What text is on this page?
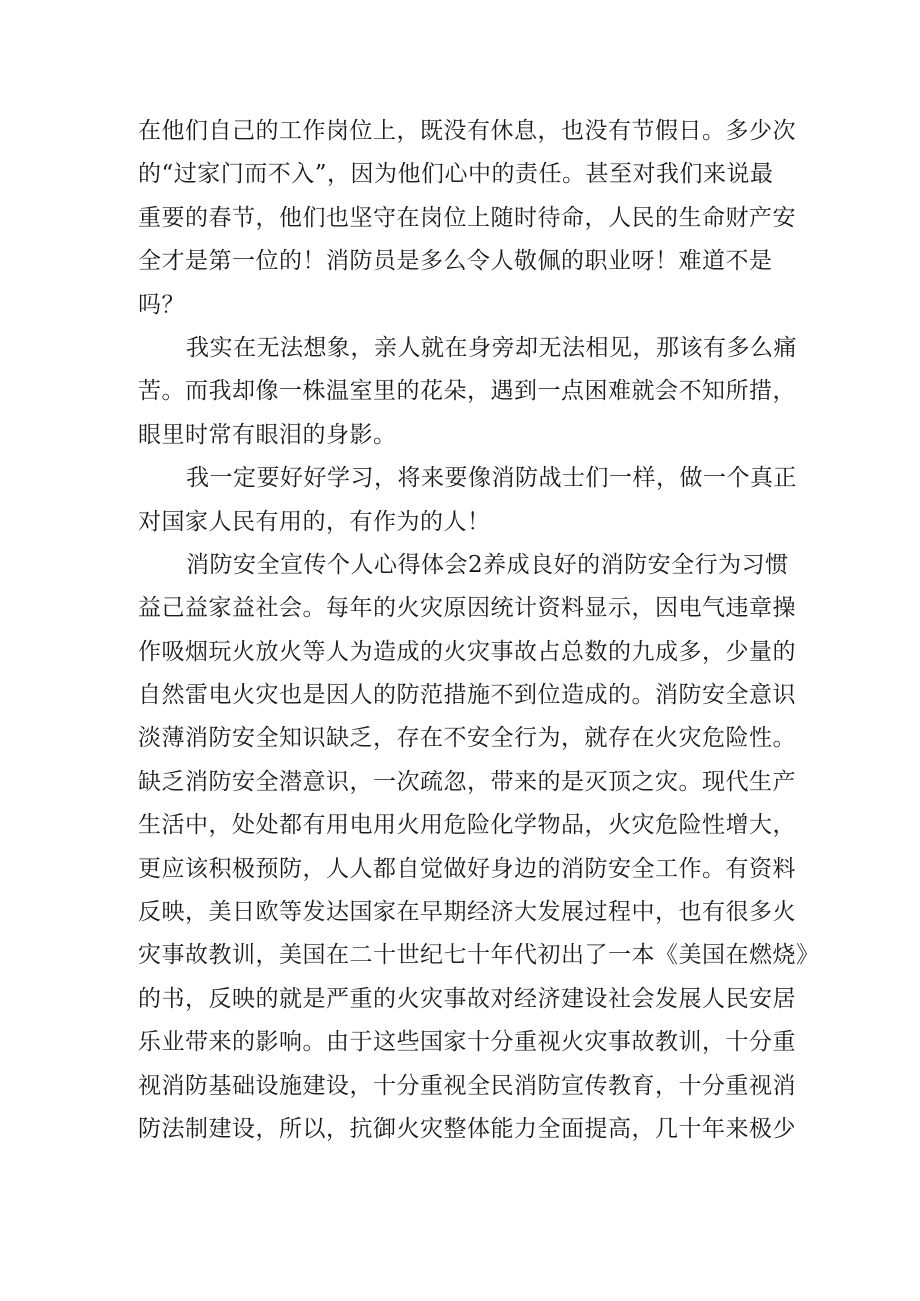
在他们自己的工作岗位上，既没有休息，也没有节假日。多少次
的“过家门而不入”，因为他们心中的责任。甚至对我们来说最
重要的春节，他们也坚守在岗位上随时待命，人民的生命财产安
全才是第一位的！消防员是多么令人敬佩的职业呀！难道不是
吗？
我实在无法想象，亲人就在身旁却无法相见，那该有多么痛
苦。而我却像一株温室里的花朵，遇到一点困难就会不知所措，
眼里时常有眼泪的身影。
我一定要好好学习，将来要像消防战士们一样，做一个真正
对国家人民有用的，有作为的人！
消防安全宣传个人心得体会2养成良好的消防安全行为习惯
益己益家益社会。每年的火灾原因统计资料显示，因电气违章操
作吸烟玩火放火等人为造成的火灾事故占总数的九成多，少量的
自然雷电火灾也是因人的防范措施不到位造成的。消防安全意识
淡薄消防安全知识缺乏，存在不安全行为，就存在火灾危险性。
缺乏消防安全潜意识，一次疏忽，带来的是灭顶之灾。现代生产
生活中，处处都有用电用火用危险化学物品，火灾危险性增大，
更应该积极预防，人人都自觉做好身边的消防安全工作。有资料
反映，美日欧等发达国家在早期经济大发展过程中，也有很多火
灾事故教训，美国在二十世纪七十年代初出了一本《美国在燃烧》
的书，反映的就是严重的火灾事故对经济建设社会发展人民安居
乐业带来的影响。由于这些国家十分重视火灾事故教训，十分重
视消防基础设施建设，十分重视全民消防宣传教育，十分重视消
防法制建设，所以，抗御火灾整体能力全面提高，几十年来极少
